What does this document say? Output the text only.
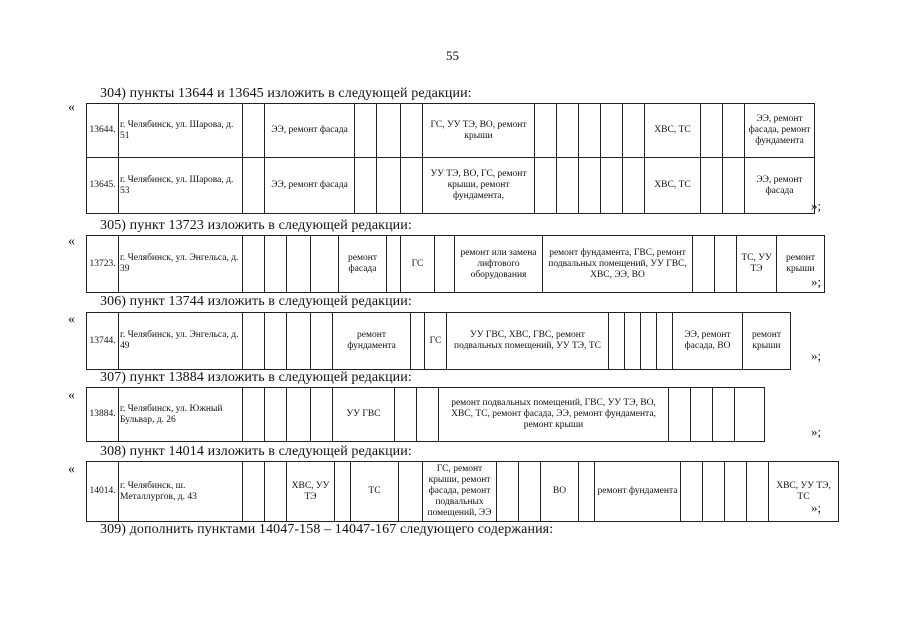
55
304) пункты 13644 и 13645 изложить в следующей редакции:
«
13644.	г. Челябинск, ул. Шарова, д. 51		ЭЭ, ремонт фасада				ГС, УУ ТЭ, ВО, ремонт крыши						ХВС, ТС			ЭЭ, ремонт фасада, ремонт фундамента
13645.	г. Челябинск, ул. Шарова, д. 53		ЭЭ, ремонт фасада				УУ ТЭ, ВО, ГС, ремонт крыши, ремонт фундамента,						ХВС, ТС			ЭЭ, ремонт фасада
»;
305) пункт 13723 изложить в следующей редакции:
«
13723.	г. Челябинск, ул. Энгельса, д. 39					ремонт фасада		ГС		ремонт или замена лифтового оборудования	ремонт фундамента, ГВС, ремонт подвальных помещений, УУ ГВС, ХВС, ЭЭ, ВО			ТС, УУ ТЭ	ремонт крыши
»;
306) пункт 13744 изложить в следующей редакции:
«
13744.	г. Челябинск, ул. Энгельса, д. 49					ремонт фундамента		ГС	УУ ГВС, ХВС, ГВС, ремонт подвальных помещений, УУ ТЭ, ТС					ЭЭ, ремонт фасада, ВО	ремонт крыши
»;
307) пункт 13884 изложить в следующей редакции:
«
13884.	г. Челябинск, ул. Южный Бульвар, д. 26					УУ ГВС			ремонт подвальных помещений, ГВС, УУ ТЭ, ВО, ХВС, ТС, ремонт фасада, ЭЭ, ремонт фундамента, ремонт крыши					»;
308) пункт 14014 изложить в следующей редакции:
«
14014.	г. Челябинск, ш. Металлургов, д. 43			ХВС, УУ ТЭ		ТС		ГС, ремонт крыши, ремонт фасада, ремонт подвальных помещений, ЭЭ			ВО		ремонт фундамента					ХВС, УУ ТЭ, ТС
»;
309) дополнить пунктами 14047-158 – 14047-167 следующего содержания:
